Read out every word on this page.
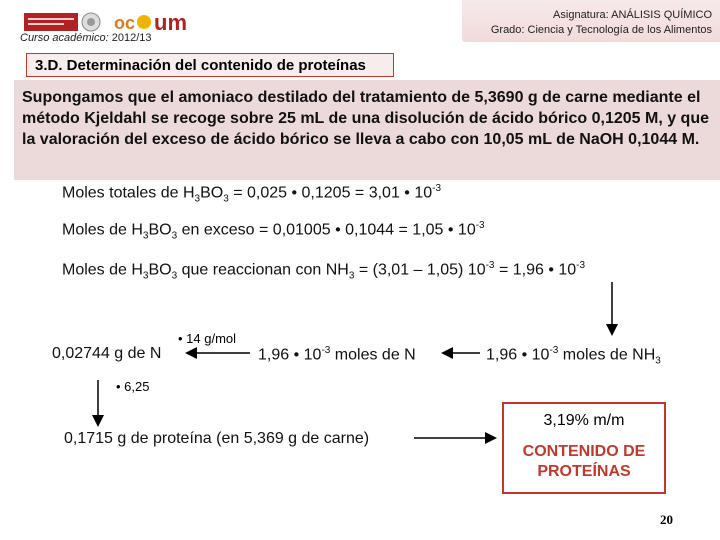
oc um
Curso académico: 2012/13
Asignatura: ANÁLISIS QUÍMICO
Grado: Ciencia y Tecnología de los Alimentos
3.D. Determinación del contenido de proteínas
Supongamos que el amoniaco destilado del tratamiento de 5,3690 g de carne mediante el método Kjeldahl se recoge sobre 25 mL de una disolución de ácido bórico 0,1205 M, y que la valoración del exceso de ácido bórico se lleva a cabo con 10,05 mL de NaOH 0,1044 M.
Moles totales de $H_3BO_3 = 0,025$ • 0,1205 = 3,01 • $10^{-3}$
Moles de $H_3BO_3$ en exceso = 0,01005 • 0,1044 = 1,05 • $10^{-3}$
Moles de $H_3BO_3$ que reaccionan con $NH_3 = (3,01 - 1,05) 10^{-3} = 1,96$ • $10^{-3}$
1,96 • $10^{-3}$ moles de $NH_3$
1,96 • $10^{-3}$ moles de N
• 14 g/mol
0,02744 g de N
• 6,25
0,1715 g de proteína (en 5,369 g de carne)
3,19% m/m
CONTENIDO DE
PROTEÍNAS
20
